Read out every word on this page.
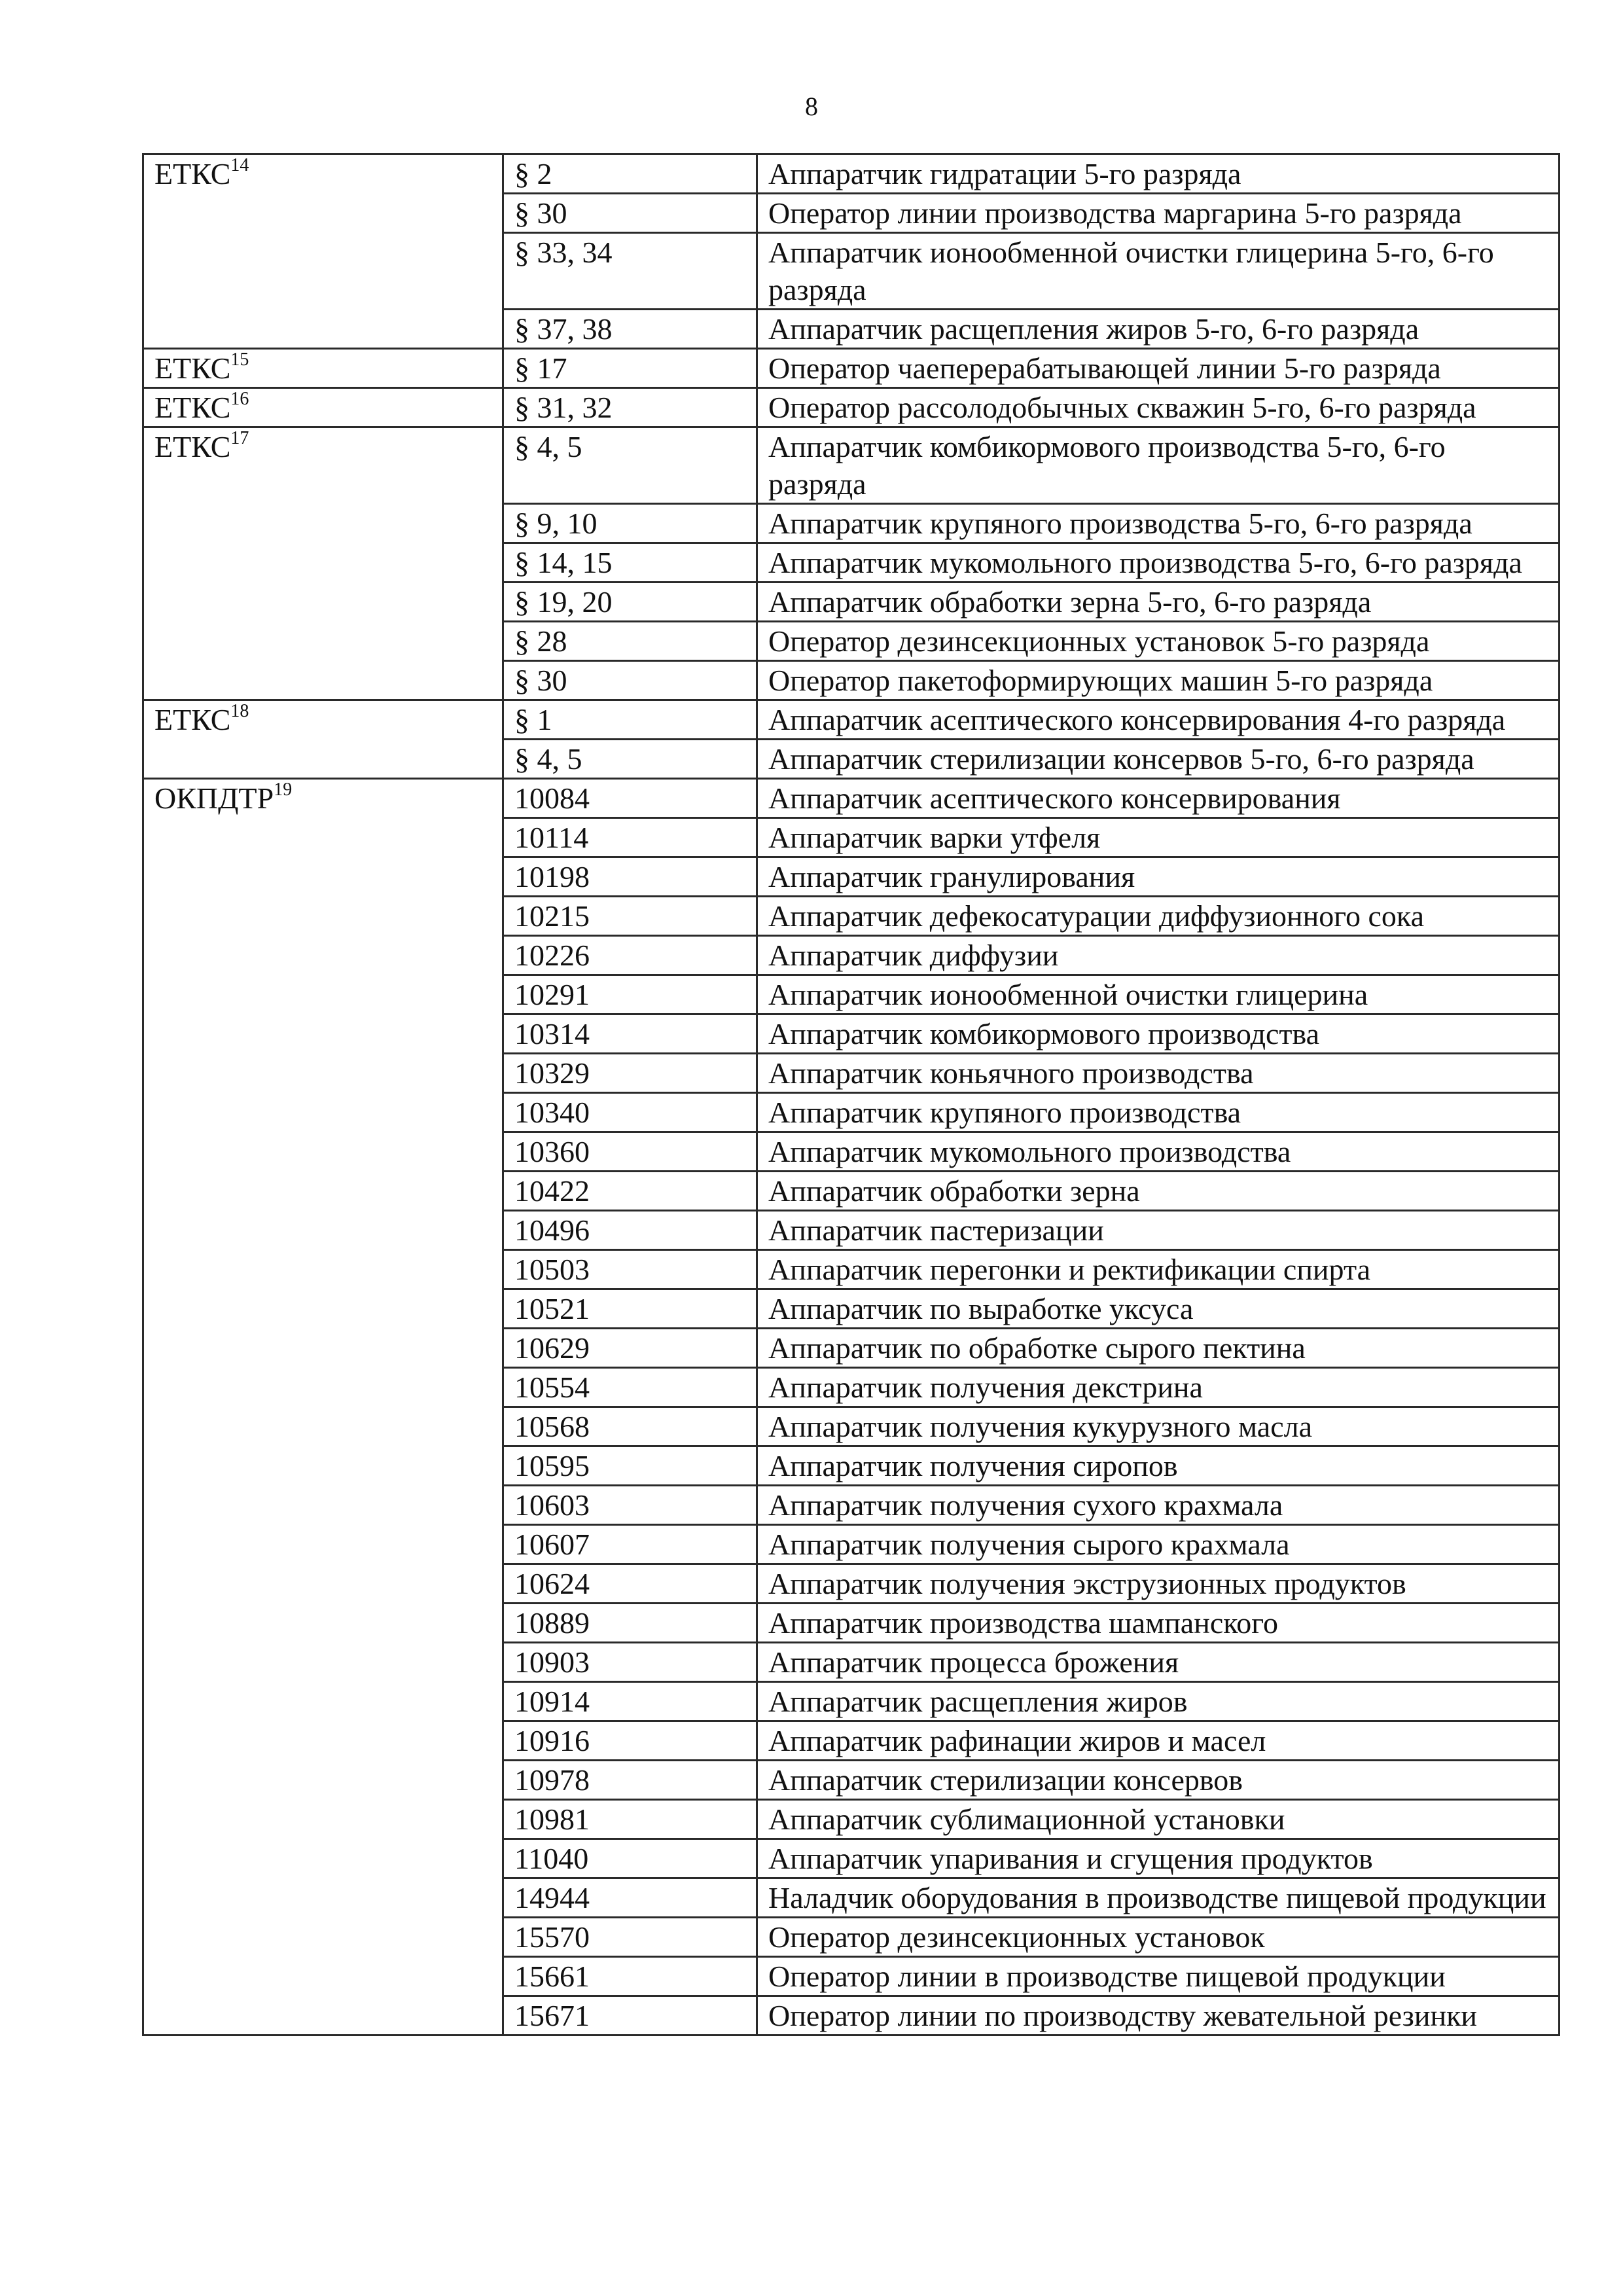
8
ЕТКС$^{14}$	§ 2	Аппаратчик гидратации 5-го разряда
	§ 30	Оператор линии производства маргарина 5-го разряда
	§ 33, 34	Аппаратчик ионообменной очистки глицерина 5-го, 6-го разряда
	§ 37, 38	Аппаратчик расщепления жиров 5-го, 6-го разряда
ЕТКС$^{15}$	§ 17	Оператор чаеперерабатывающей линии 5-го разряда
ЕТКС$^{16}$	§ 31, 32	Оператор рассолодобычных скважин 5-го, 6-го разряда
ЕТКС$^{17}$	§ 4, 5	Аппаратчик комбикормового производства 5-го, 6-го разряда
	§ 9, 10	Аппаратчик крупяного производства 5-го, 6-го разряда
	§ 14, 15	Аппаратчик мукомольного производства 5-го, 6-го разряда
	§ 19, 20	Аппаратчик обработки зерна 5-го, 6-го разряда
	§ 28	Оператор дезинсекционных установок 5-го разряда
	§ 30	Оператор пакетоформирующих машин 5-го разряда
ЕТКС$^{18}$	§ 1	Аппаратчик асептического консервирования 4-го разряда
	§ 4, 5	Аппаратчик стерилизации консервов 5-го, 6-го разряда
ОКПДТР$^{19}$	10084	Аппаратчик асептического консервирования
	10114	Аппаратчик варки утфеля
	10198	Аппаратчик гранулирования
	10215	Аппаратчик дефекосатурации диффузионного сока
	10226	Аппаратчик диффузии
	10291	Аппаратчик ионообменной очистки глицерина
	10314	Аппаратчик комбикормового производства
	10329	Аппаратчик коньячного производства
	10340	Аппаратчик крупяного производства
	10360	Аппаратчик мукомольного производства
	10422	Аппаратчик обработки зерна
	10496	Аппаратчик пастеризации
	10503	Аппаратчик перегонки и ректификации спирта
	10521	Аппаратчик по выработке уксуса
	10629	Аппаратчик по обработке сырого пектина
	10554	Аппаратчик получения декстрина
	10568	Аппаратчик получения кукурузного масла
	10595	Аппаратчик получения сиропов
	10603	Аппаратчик получения сухого крахмала
	10607	Аппаратчик получения сырого крахмала
	10624	Аппаратчик получения экструзионных продуктов
	10889	Аппаратчик производства шампанского
	10903	Аппаратчик процесса брожения
	10914	Аппаратчик расщепления жиров
	10916	Аппаратчик рафинации жиров и масел
	10978	Аппаратчик стерилизации консервов
	10981	Аппаратчик сублимационной установки
	11040	Аппаратчик упаривания и сгущения продуктов
	14944	Наладчик оборудования в производстве пищевой продукции
	15570	Оператор дезинсекционных установок
	15661	Оператор линии в производстве пищевой продукции
	15671	Оператор линии по производству жевательной резинки
